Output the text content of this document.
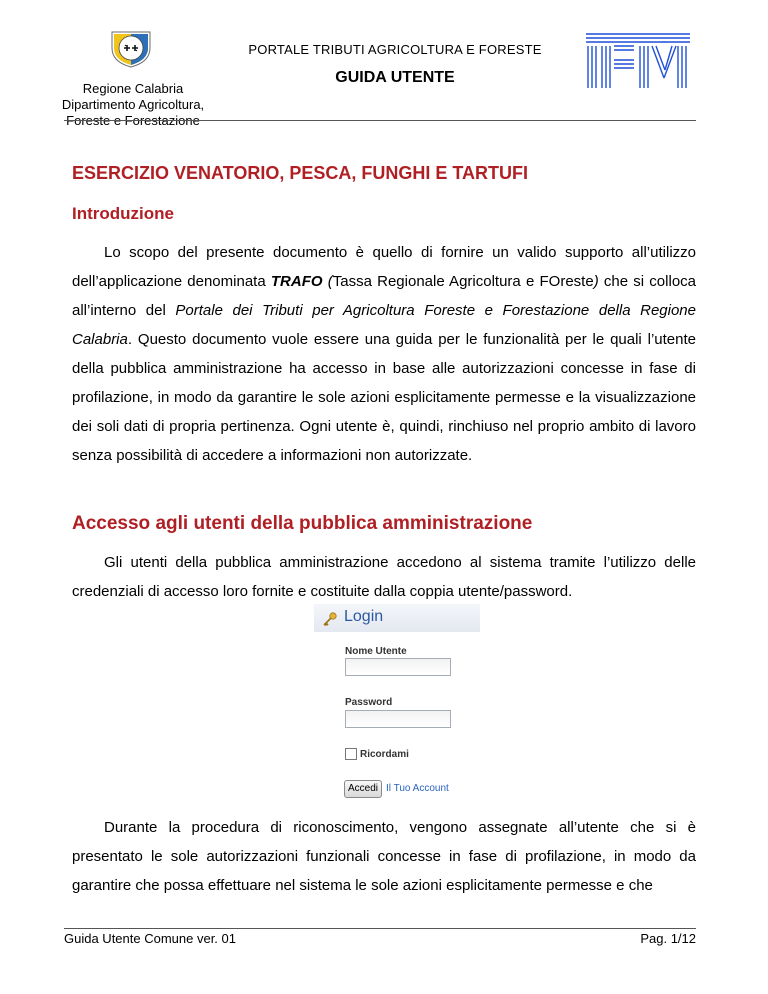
Regione Calabria
Dipartimento Agricoltura,
Foreste e Forestazione
PORTALE TRIBUTI AGRICOLTURA E FORESTE
GUIDA UTENTE
ESERCIZIO VENATORIO, PESCA, FUNGHI E TARTUFI
Introduzione

Lo scopo del presente documento è quello di fornire un valido supporto all’utilizzo dell’applicazione denominata TRAFO (Tassa Regionale Agricoltura e FOreste) che si colloca all’interno del Portale dei Tributi per Agricoltura Foreste e Forestazione della Regione Calabria. Questo documento vuole essere una guida per le funzionalità per le quali l’utente della pubblica amministrazione ha accesso in base alle autorizzazioni concesse in fase di profilazione, in modo da garantire le sole azioni esplicitamente permesse e la visualizzazione dei soli dati di propria pertinenza. Ogni utente è, quindi, rinchiuso nel proprio ambito di lavoro senza possibilità di accedere a informazioni non autorizzate.

Accesso agli utenti della pubblica amministrazione

Gli utenti della pubblica amministrazione accedono al sistema tramite l’utilizzo delle credenziali di accesso loro fornite e costituite dalla coppia utente/password.

Login
Nome Utente
Password
Ricordami
Accedi Il Tuo Account

Durante la procedura di riconoscimento, vengono assegnate all’utente che si è presentato le sole autorizzazioni funzionali concesse in fase di profilazione, in modo da garantire che possa effettuare nel sistema le sole azioni esplicitamente permesse e che

Guida Utente Comune ver. 01	Pag. 1/12
